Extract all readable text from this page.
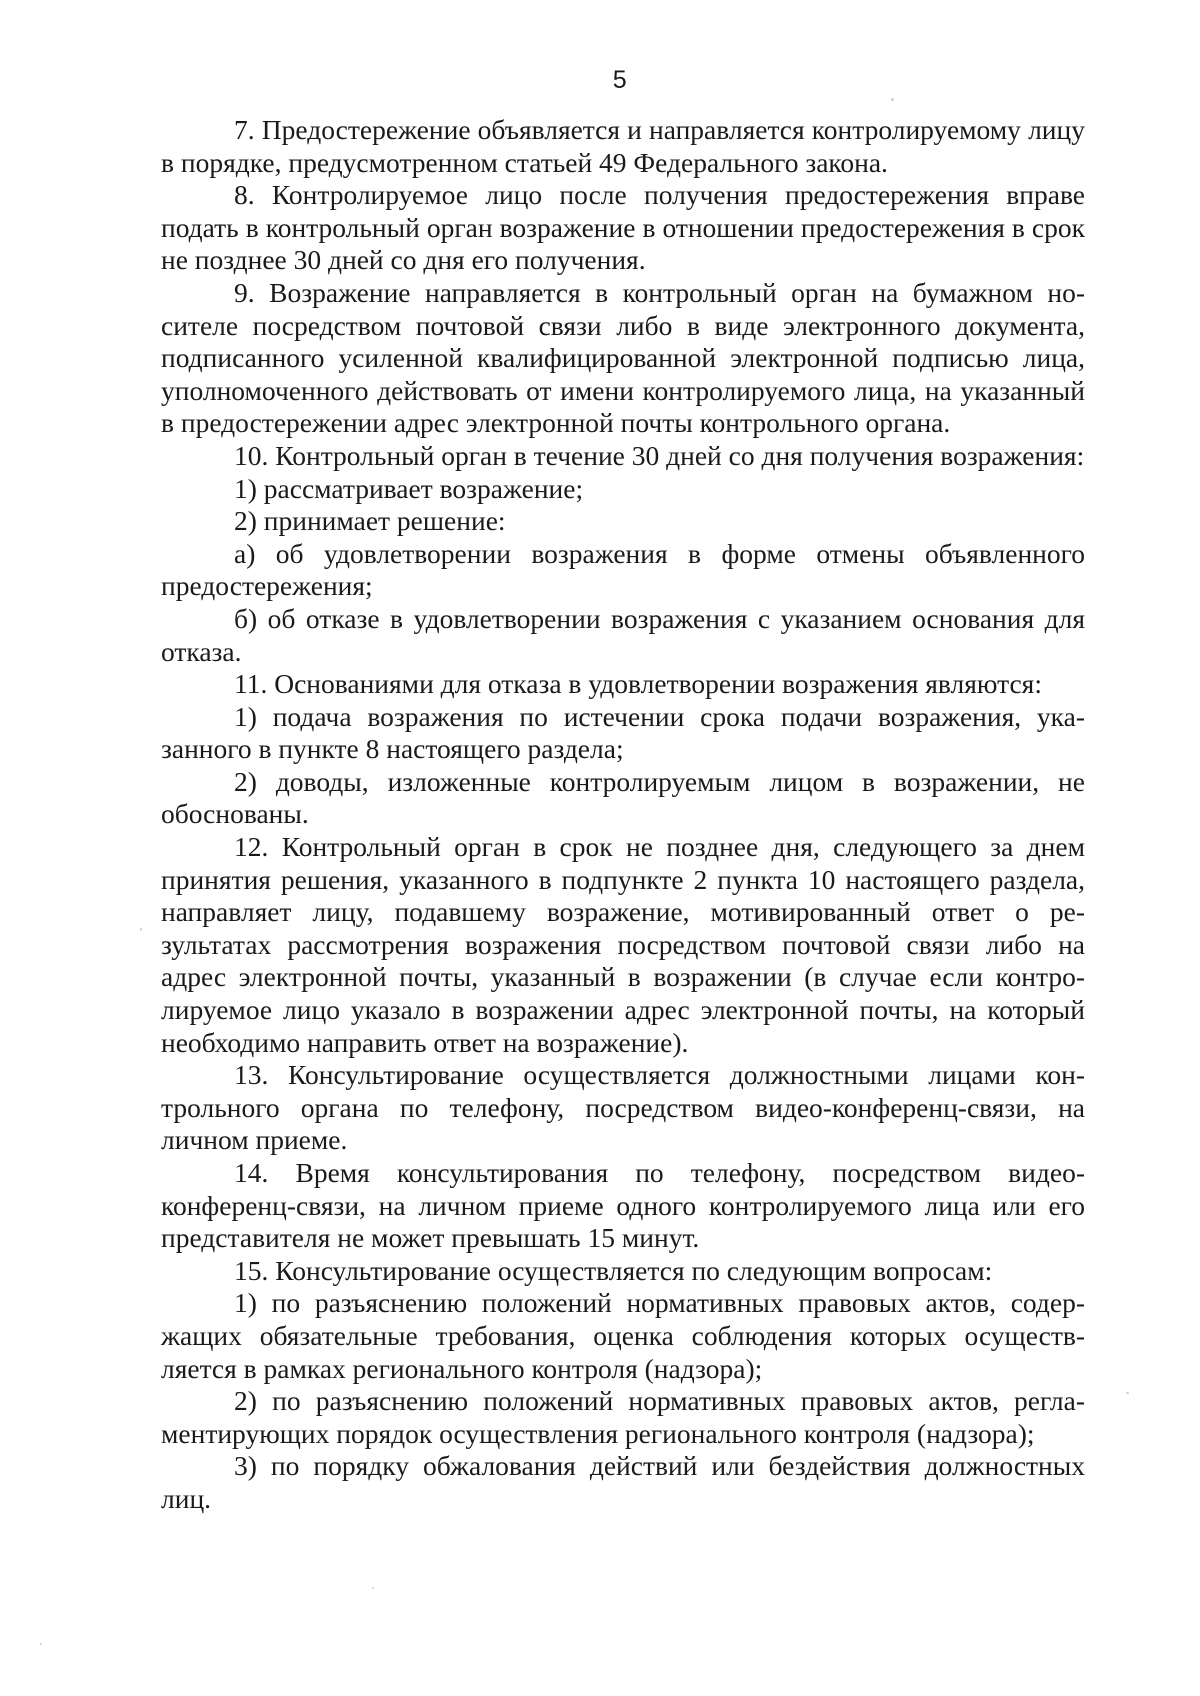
5

7. Предостережение объявляется и направляется контролируемому лицу в порядке, предусмотренном статьей 49 Федерального закона.

8. Контролируемое лицо после получения предостережения вправе подать в контрольный орган возражение в отношении предостережения в срок не позднее 30 дней со дня его получения.

9. Возражение направляется в контрольный орган на бумажном носителе посредством почтовой связи либо в виде электронного документа, подписанного усиленной квалифицированной электронной подписью лица, уполномоченного действовать от имени контролируемого лица, на указанный в предостережении адрес электронной почты контрольного органа.

10. Контрольный орган в течение 30 дней со дня получения возражения:

1) рассматривает возражение;

2) принимает решение:

а) об удовлетворении возражения в форме отмены объявленного предостережения;

б) об отказе в удовлетворении возражения с указанием основания для отказа.

11. Основаниями для отказа в удовлетворении возражения являются:

1) подача возражения по истечении срока подачи возражения, указанного в пункте 8 настоящего раздела;

2) доводы, изложенные контролируемым лицом в возражении, не обоснованы.

12. Контрольный орган в срок не позднее дня, следующего за днем принятия решения, указанного в подпункте 2 пункта 10 настоящего раздела, направляет лицу, подавшему возражение, мотивированный ответ о результатах рассмотрения возражения посредством почтовой связи либо на адрес электронной почты, указанный в возражении (в случае если контролируемое лицо указало в возражении адрес электронной почты, на который необходимо направить ответ на возражение).

13. Консультирование осуществляется должностными лицами контрольного органа по телефону, посредством видео-конференц-связи, на личном приеме.

14. Время консультирования по телефону, посредством видео-конференц-связи, на личном приеме одного контролируемого лица или его представителя не может превышать 15 минут.

15. Консультирование осуществляется по следующим вопросам:

1) по разъяснению положений нормативных правовых актов, содержащих обязательные требования, оценка соблюдения которых осуществляется в рамках регионального контроля (надзора);

2) по разъяснению положений нормативных правовых актов, регламентирующих порядок осуществления регионального контроля (надзора);

3) по порядку обжалования действий или бездействия должностных лиц.
